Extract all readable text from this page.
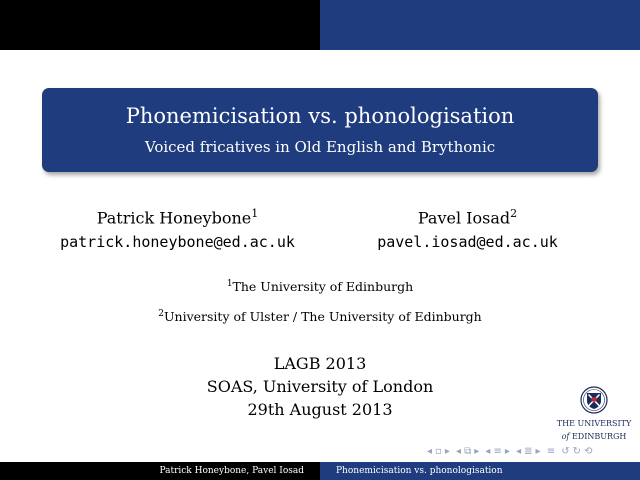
Phonemicisation vs. phonologisation
Voiced fricatives in Old English and Brythonic
Patrick Honeybone$^1$
patrick.honeybone@ed.ac.uk
Pavel Iosad$^2$
pavel.iosad@ed.ac.uk
$^1$The University of Edinburgh
$^2$University of Ulster / The University of Edinburgh
LAGB 2013
SOAS, University of London
29th August 2013
THE UNIVERSITY
of EDINBURGH
◂ ▫ ▸ ◂ ⧉ ▸ ◂ ≡ ▸ ◂ ≣ ▸ ≡ ↺ ↻ ⟲
Patrick Honeybone, Pavel Iosad	Phonemicisation vs. phonologisation
